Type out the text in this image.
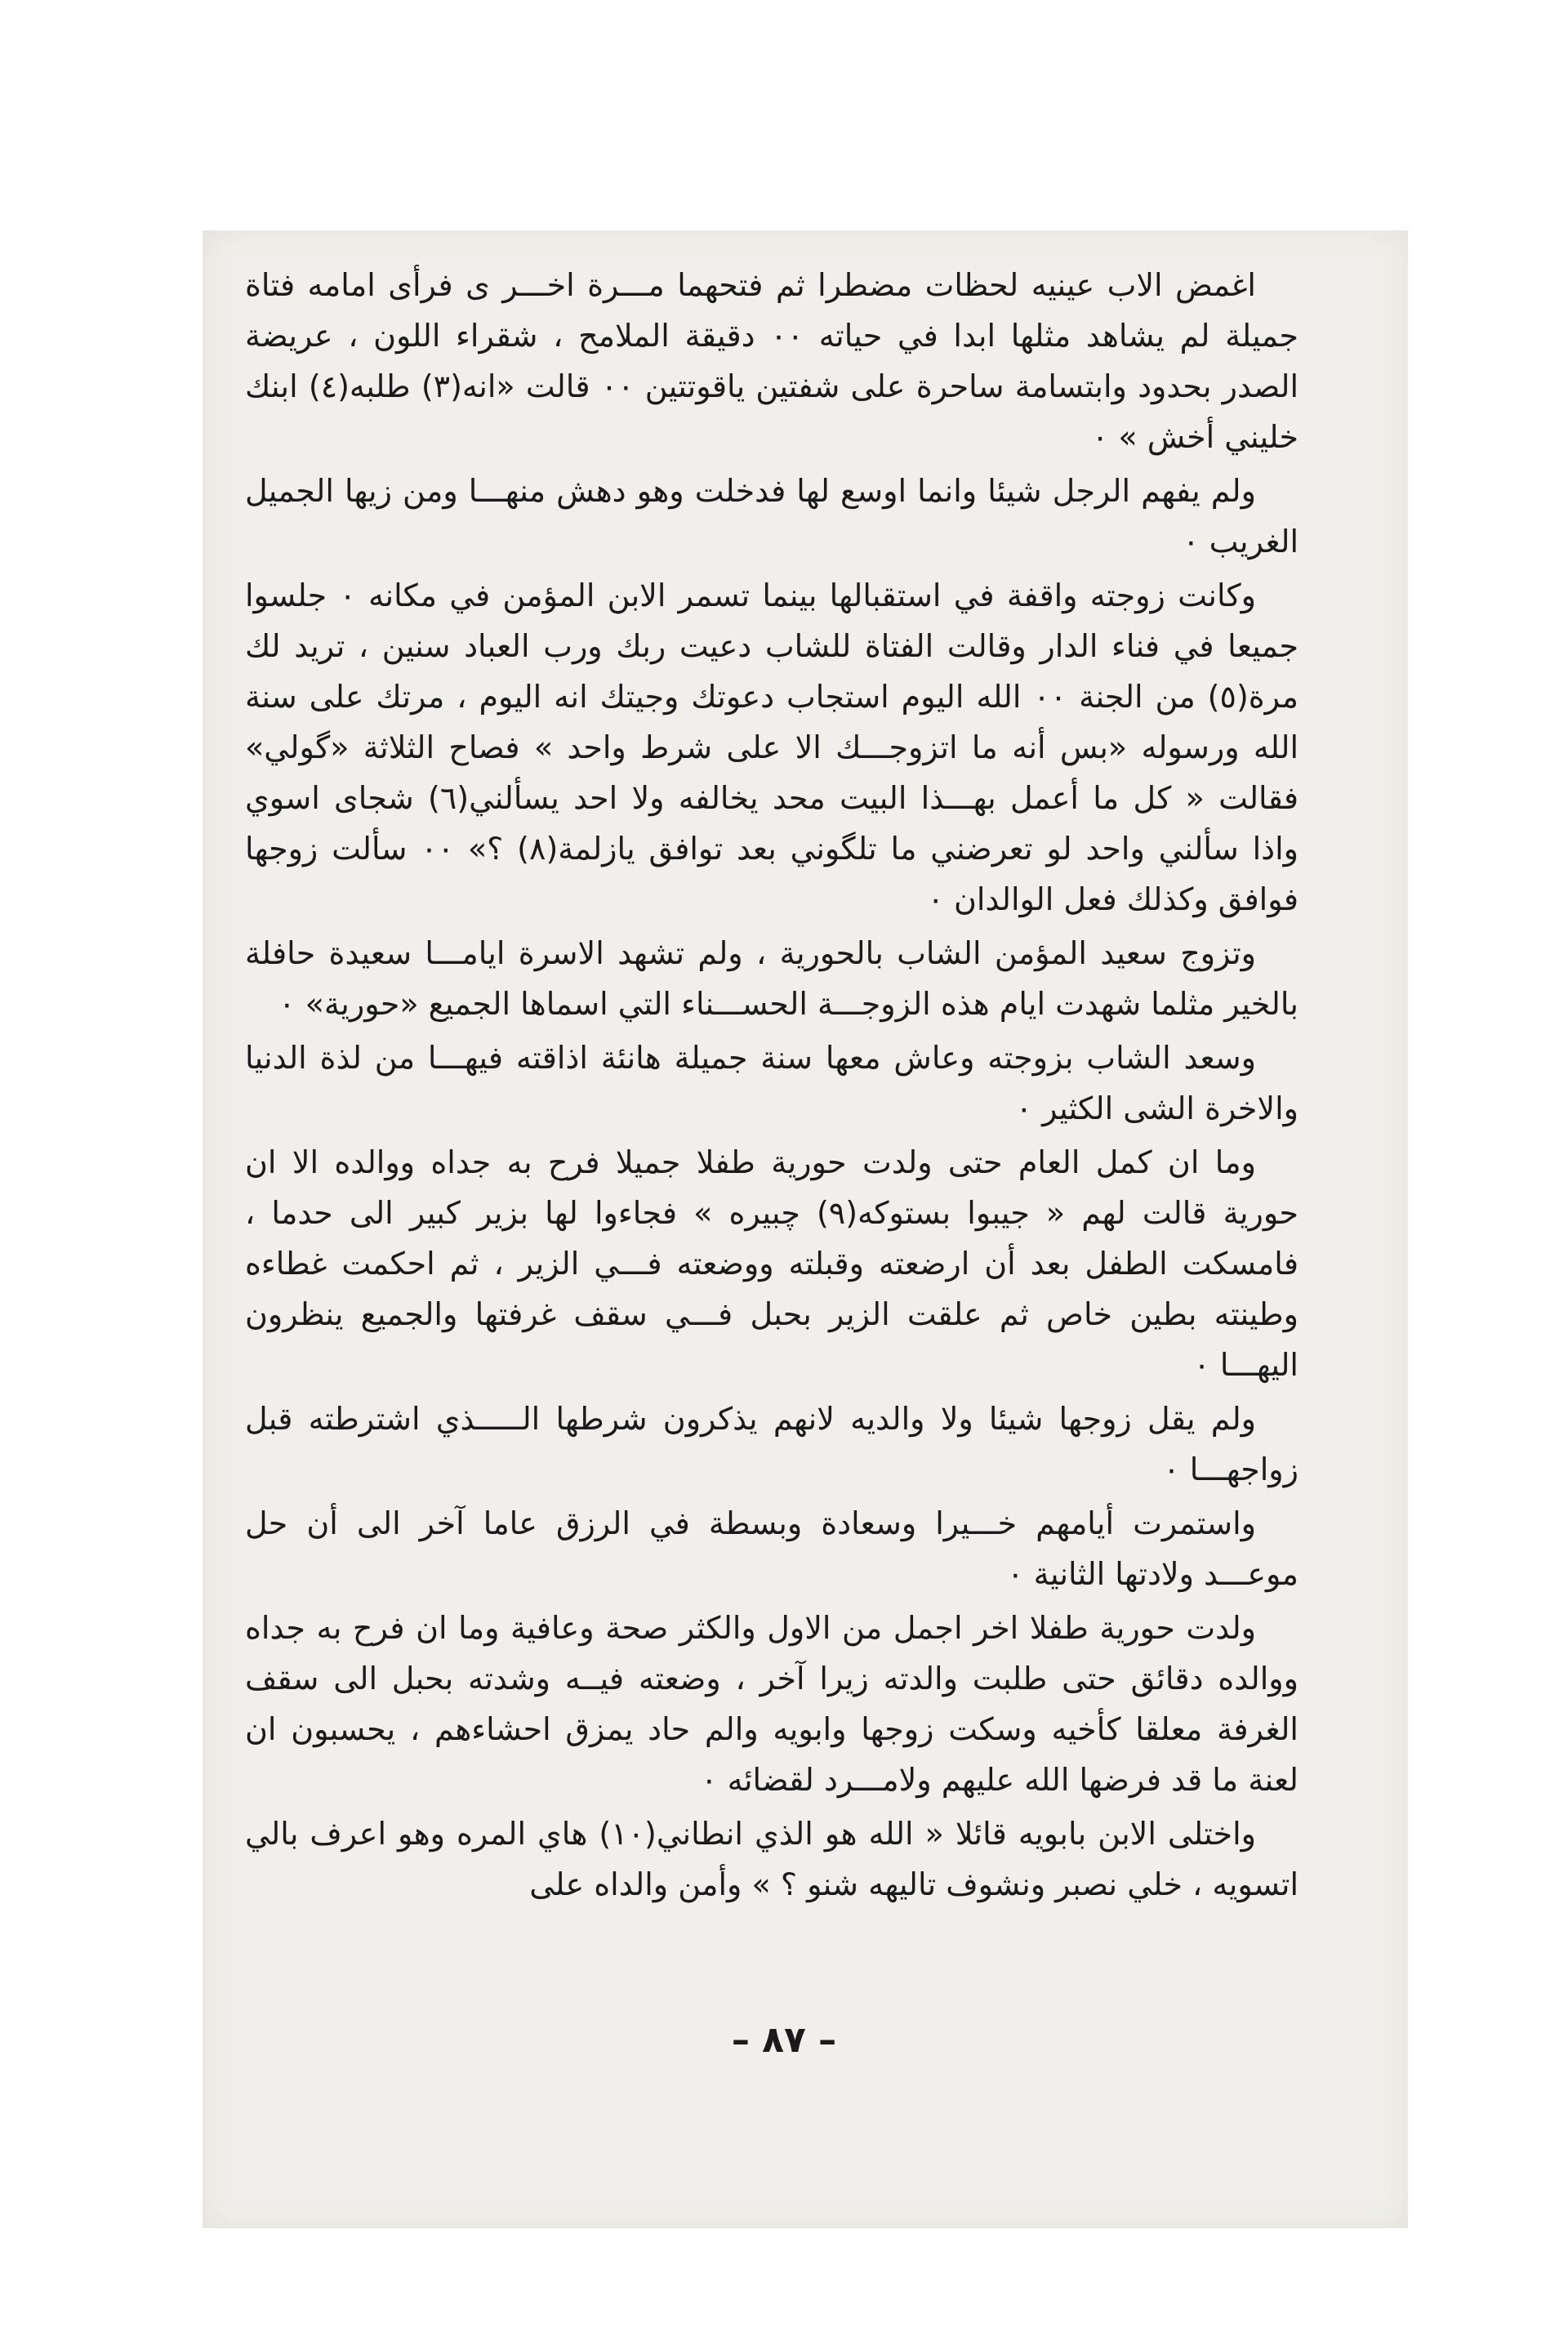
اغمض الاب عينيه لحظات مضطرا ثم فتحهما مـــرة اخـــر ى فرأى امامه فتاة جميلة لم يشاهد مثلها ابدا في حياته ٠٠ دقيقة الملامح ، شقراء اللون ، عريضة الصدر بحدود وابتسامة ساحرة على شفتين ياقوتتين ٠٠ قالت «انه(٣) طلبه(٤) ابنك خليني أخش » ٠

ولم يفهم الرجل شيئا وانما اوسع لها فدخلت وهو دهش منهـــا ومن زيها الجميل الغريب ٠

وكانت زوجته واقفة في استقبالها بينما تسمر الابن المؤمن في مكانه ٠ جلسوا جميعا في فناء الدار وقالت الفتاة للشاب دعيت ربك ورب العباد سنين ، تريد لك مرة(٥) من الجنة ٠٠ الله اليوم استجاب دعوتك وجيتك انه اليوم ، مرتك على سنة الله ورسوله «بس أنه ما اتزوجـــك الا على شرط واحد » فصاح الثلاثة «گولي» فقالت « كل ما أعمل بهـــذا البيت محد يخالفه ولا احد يسألني(٦) شجاى اسوي واذا سألني واحد لو تعرضني ما تلگوني بعد توافق يازلمة(٨) ؟» ٠٠ سألت زوجها فوافق وكذلك فعل الوالدان ٠

وتزوج سعيد المؤمن الشاب بالحورية ، ولم تشهد الاسرة ايامـــا سعيدة حافلة بالخير مثلما شهدت ايام هذه الزوجـــة الحســـناء التي اسماها الجميع «حورية» ٠

وسعد الشاب بزوجته وعاش معها سنة جميلة هانئة اذاقته فيهـــا من لذة الدنيا والاخرة الشى الكثير ٠

وما ان كمل العام حتى ولدت حورية طفلا جميلا فرح به جداه ووالده الا ان حورية قالت لهم « جيبوا بستوكه(٩) چبيره » فجاءوا لها بزير كبير الى حدما ، فامسكت الطفل بعد أن ارضعته وقبلته ووضعته فـــي الزير ، ثم احكمت غطاءه وطينته بطين خاص ثم علقت الزير بحبل فـــي سقف غرفتها والجميع ينظرون اليهـــا ٠

ولم يقل زوجها شيئا ولا والديه لانهم يذكرون شرطها الـــــذي اشترطته قبل زواجهـــا ٠

واستمرت أيامهم خـــيرا وسعادة وبسطة في الرزق عاما آخر الى أن حل موعـــد ولادتها الثانية ٠

ولدت حورية طفلا اخر اجمل من الاول والكثر صحة وعافية وما ان فرح به جداه ووالده دقائق حتى طلبت والدته زيرا آخر ، وضعته فيــه وشدته بحبل الى سقف الغرفة معلقا كأخيه وسكت زوجها وابويه والم حاد يمزق احشاءهم ، يحسبون ان لعنة ما قد فرضها الله عليهم ولامـــرد لقضائه ٠

واختلى الابن بابويه قائلا « الله هو الذي انطاني(١٠) هاي المره وهو اعرف بالي اتسويه ، خلي نصبر ونشوف تاليهه شنو ؟ » وأمن والداه على

– ٨٧ –
